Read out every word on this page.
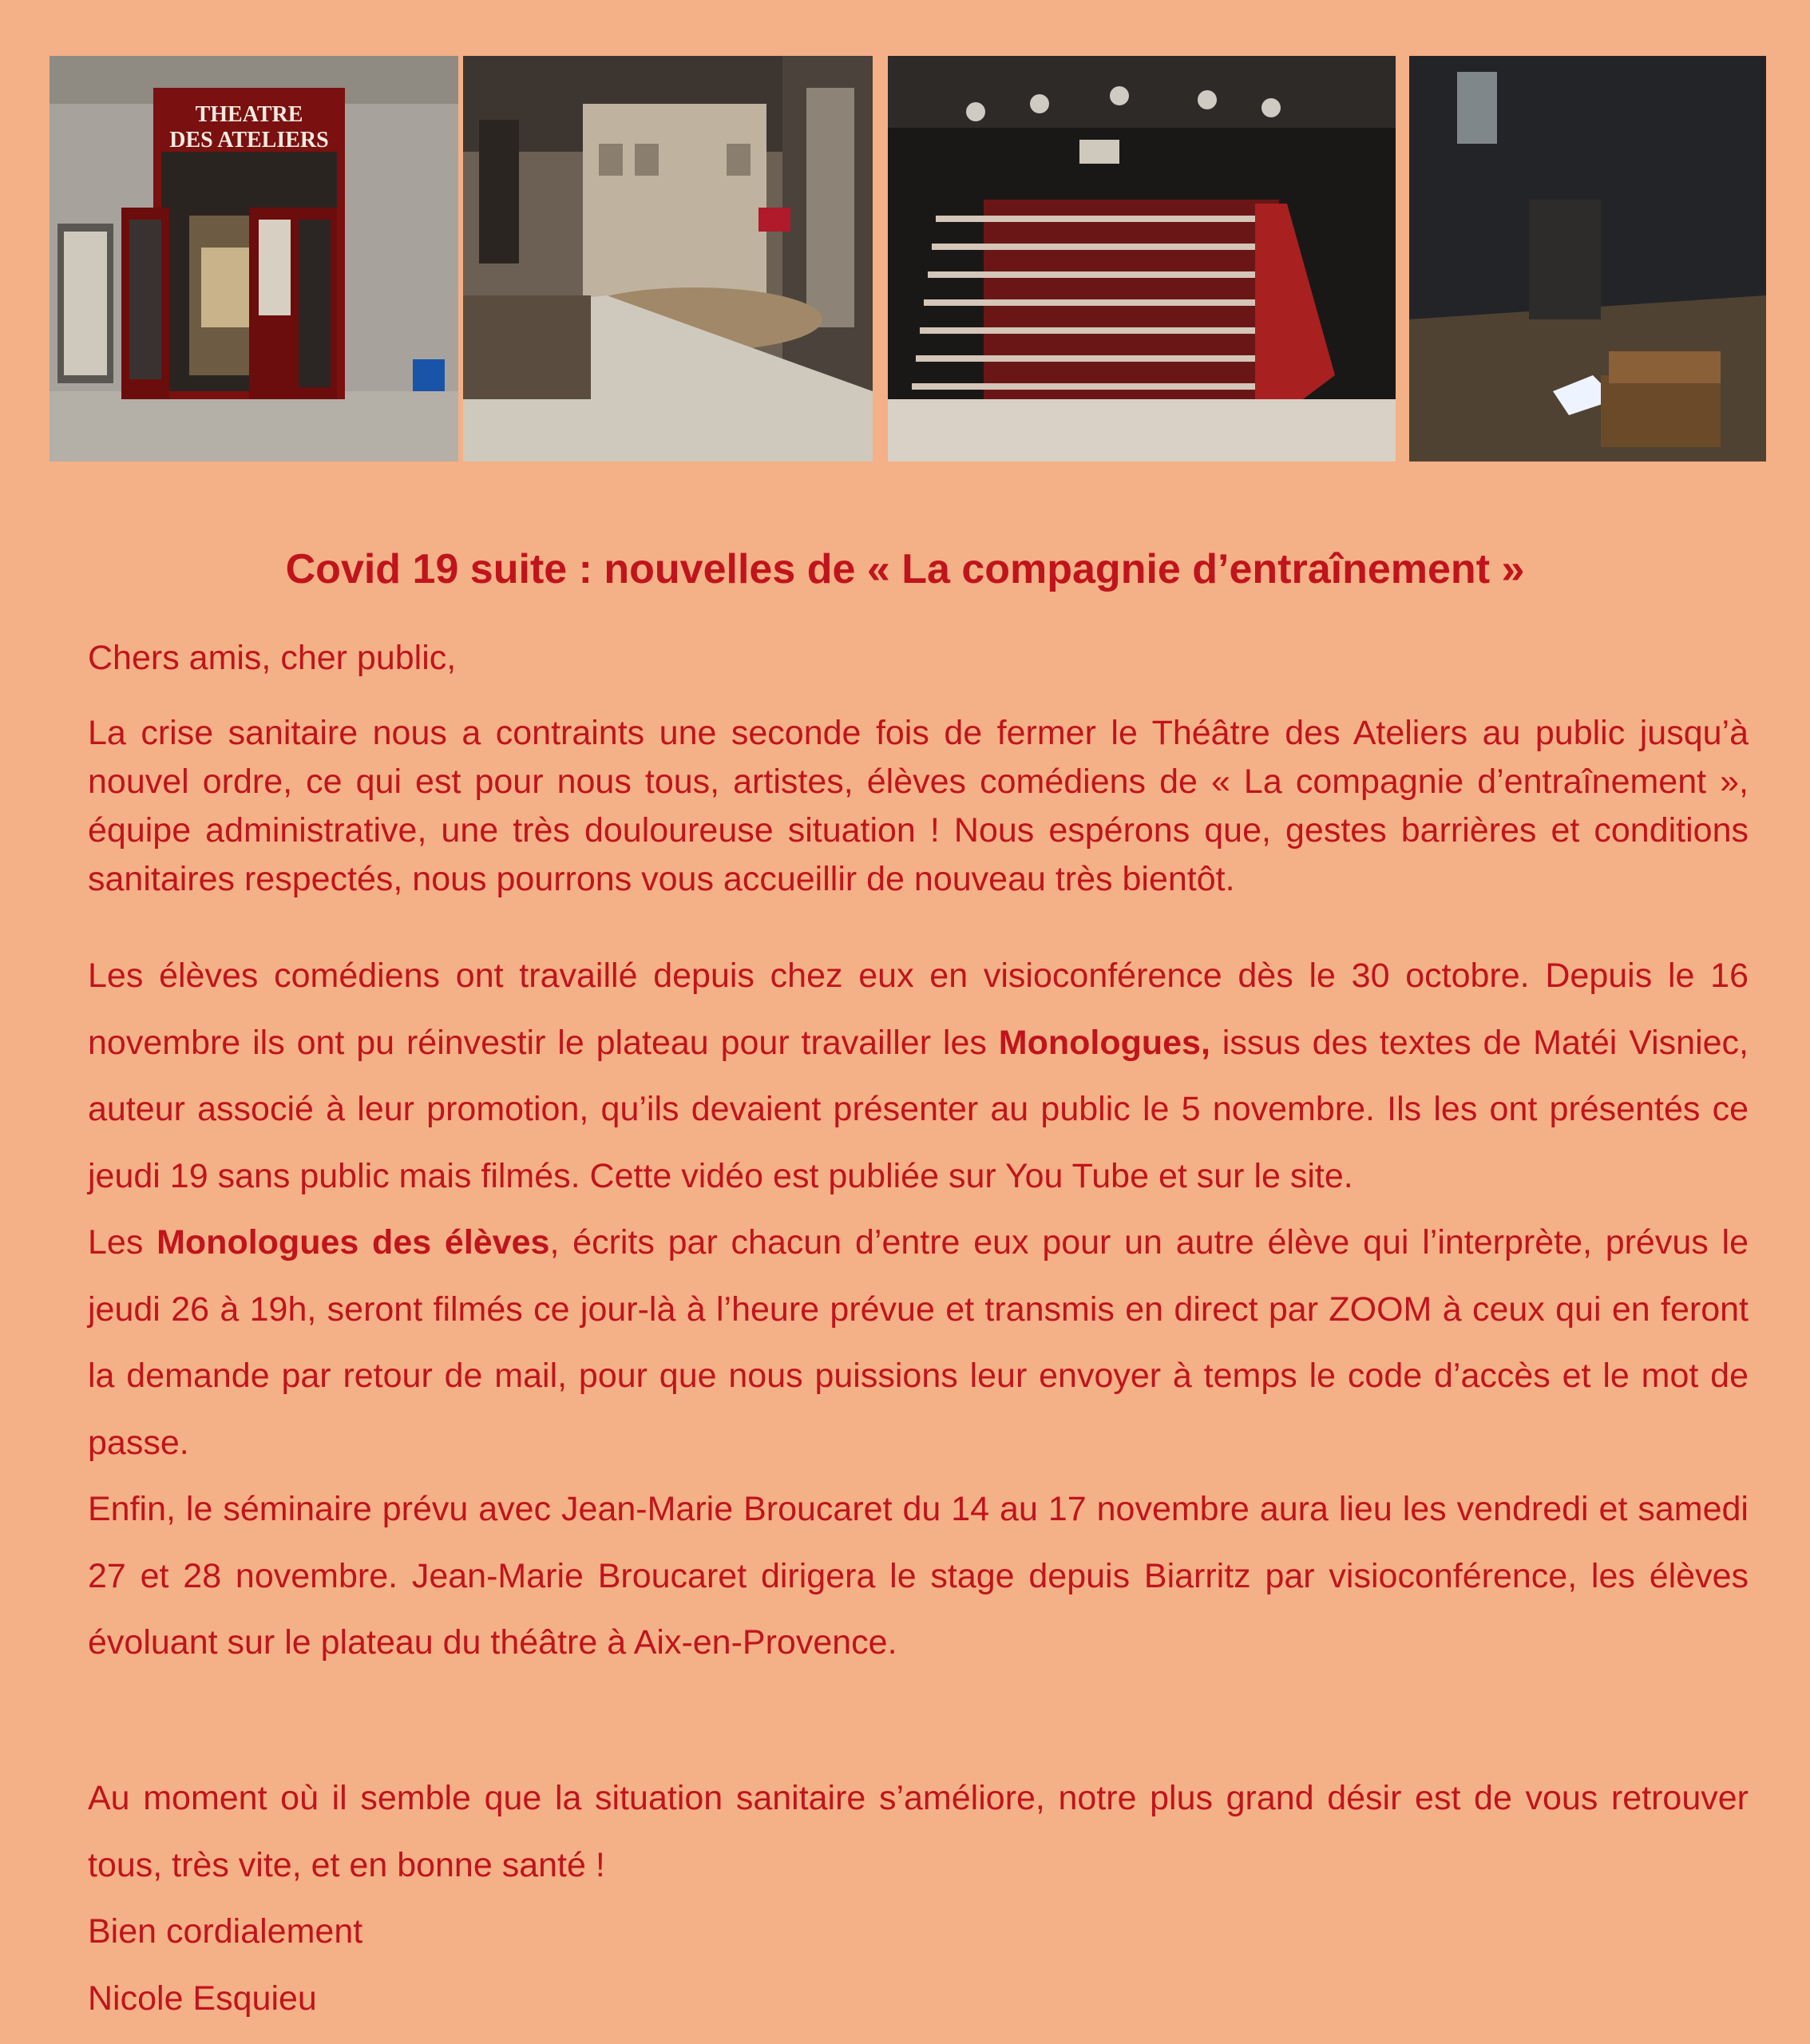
THEATRE
DES ATELIERS
Covid 19 suite : nouvelles de « La compagnie d’entraînement »

Chers amis, cher public,

La crise sanitaire nous a contraints une seconde fois de fermer le Théâtre des Ateliers au public jusqu’à nouvel ordre, ce qui est pour nous tous, artistes, élèves comédiens de « La compagnie d’entraînement », équipe administrative, une très douloureuse situation ! Nous espérons que, gestes barrières et conditions sanitaires respectés, nous pourrons vous accueillir de nouveau très bientôt.

Les élèves comédiens ont travaillé depuis chez eux en visioconférence dès le 30 octobre. Depuis le 16 novembre ils ont pu réinvestir le plateau pour travailler les Monologues, issus des textes de Matéi Visniec, auteur associé à leur promotion, qu’ils devaient présenter au public le 5 novembre. Ils les ont présentés ce jeudi 19 sans public mais filmés. Cette vidéo est publiée sur You Tube et sur le site.

Les Monologues des élèves, écrits par chacun d’entre eux pour un autre élève qui l’interprète, prévus le jeudi 26 à 19h, seront filmés ce jour-là à l’heure prévue et transmis en direct par ZOOM à ceux qui en feront la demande par retour de mail, pour que nous puissions leur envoyer à temps le code d’accès et le mot de passe.

Enfin, le séminaire prévu avec Jean-Marie Broucaret du 14 au 17 novembre aura lieu les vendredi et samedi 27 et 28 novembre. Jean-Marie Broucaret dirigera le stage depuis Biarritz par visioconférence, les élèves évoluant sur le plateau du théâtre à Aix-en-Provence.

Au moment où il semble que la situation sanitaire s’améliore, notre plus grand désir est de vous retrouver tous, très vite, et en bonne santé !

Bien cordialement

Nicole Esquieu
